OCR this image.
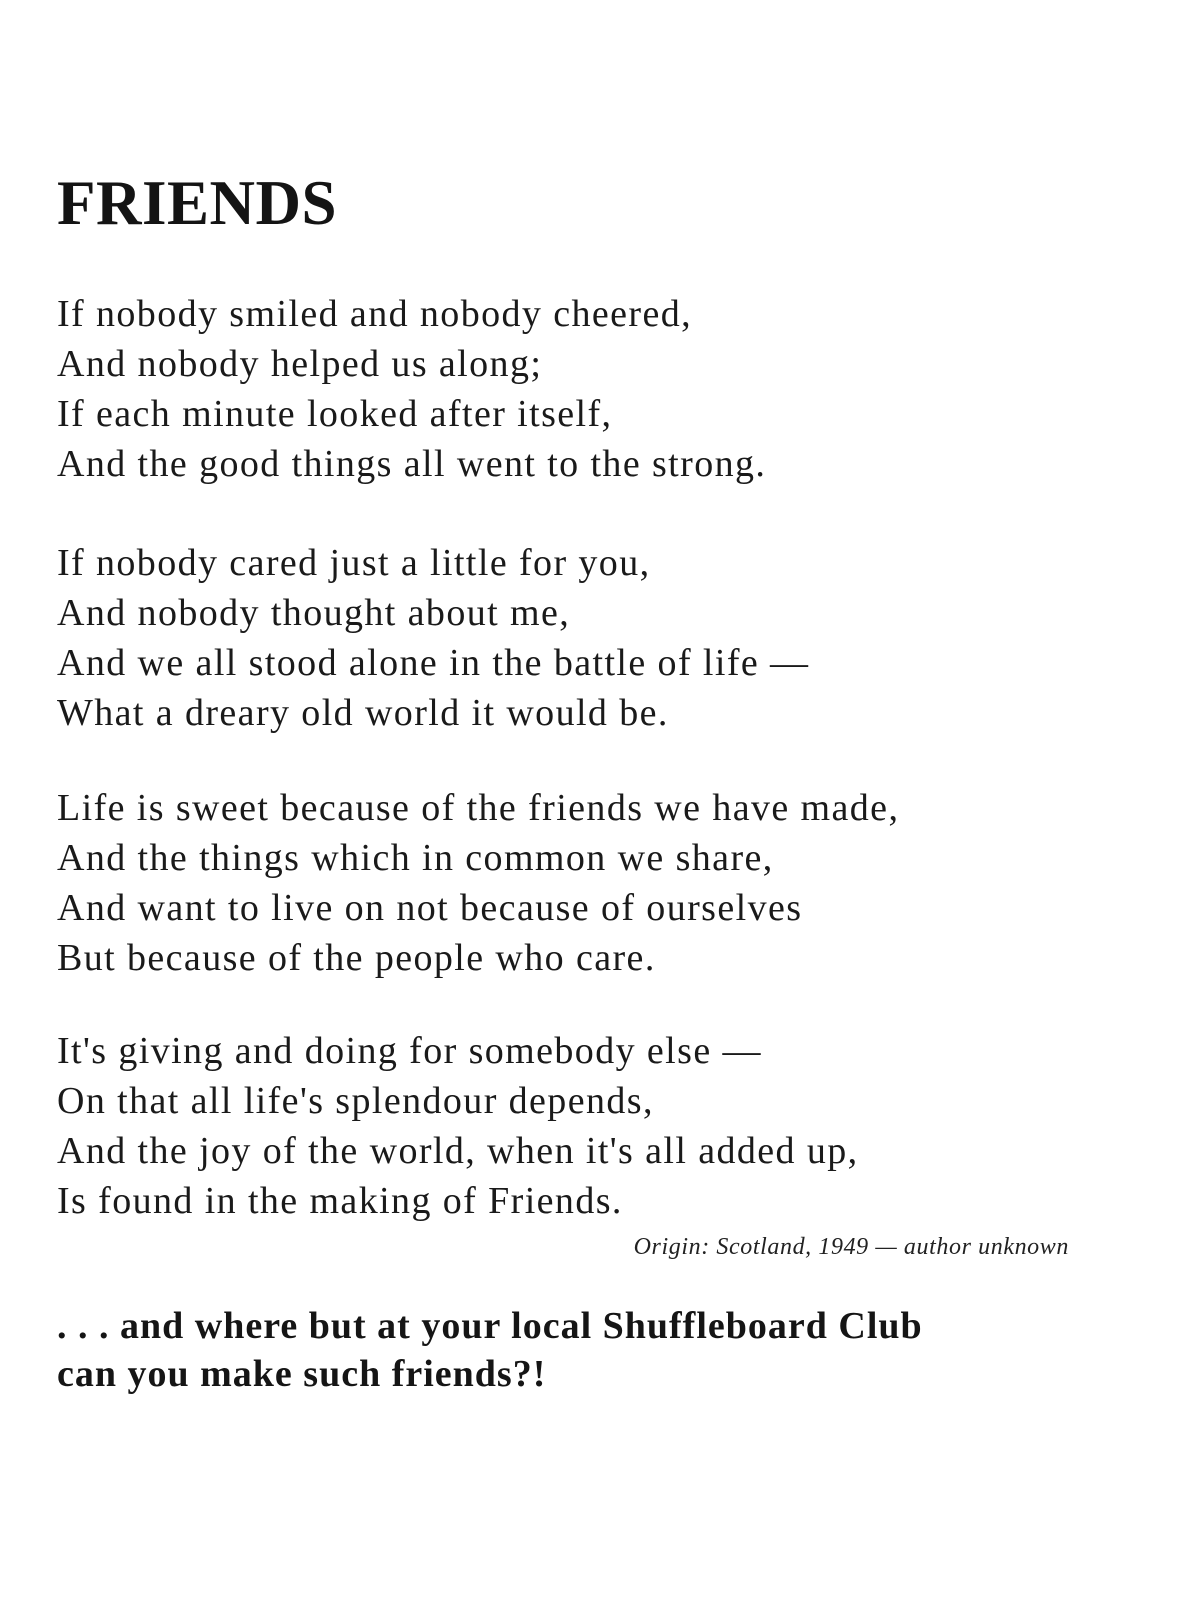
FRIENDS

If nobody smiled and nobody cheered,
And nobody helped us along;
If each minute looked after itself,
And the good things all went to the strong.

If nobody cared just a little for you,
And nobody thought about me,
And we all stood alone in the battle of life —
What a dreary old world it would be.

Life is sweet because of the friends we have made,
And the things which in common we share,
And want to live on not because of ourselves
But because of the people who care.

It's giving and doing for somebody else —
On that all life's splendour depends,
And the joy of the world, when it's all added up,
Is found in the making of Friends.

Origin: Scotland, 1949 — author unknown

. . . and where but at your local Shuffleboard Club
can you make such friends?!
